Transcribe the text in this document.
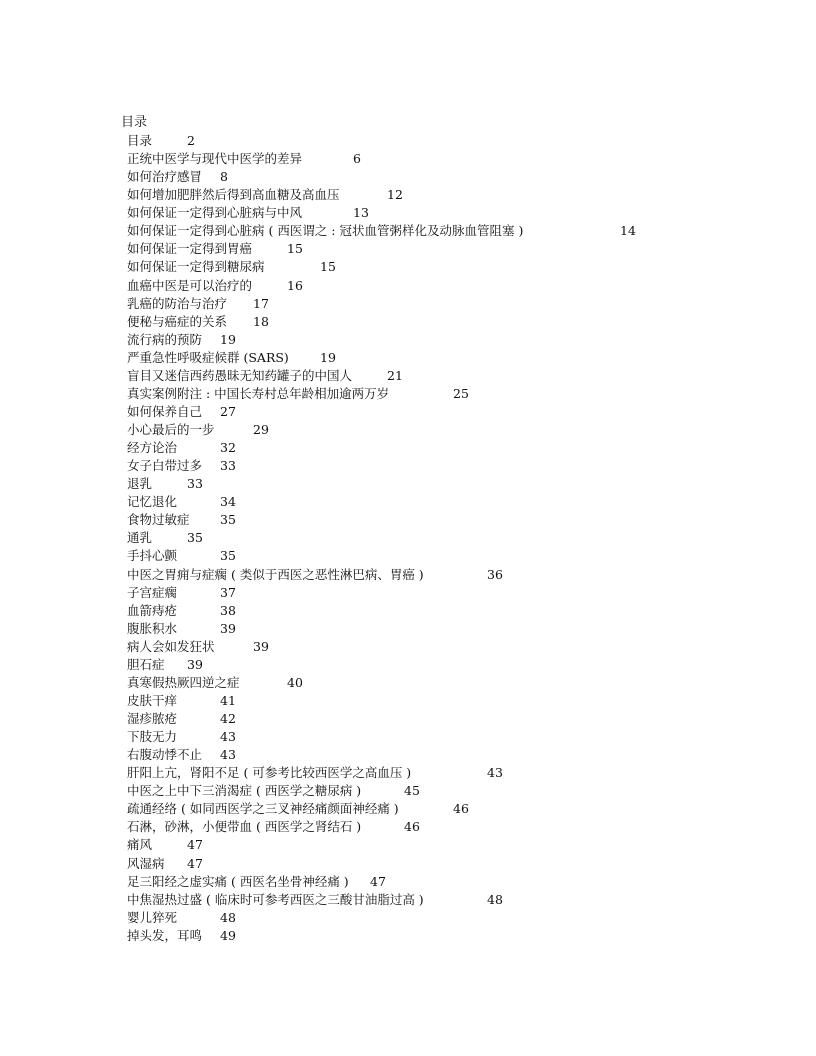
目录
目录	2
正统中医学与现代中医学的差异	6
如何治疗感冒 8
如何增加肥胖然后得到高血糖及高血压	12
如何保证一定得到心脏病与中风	13
如何保证一定得到心脏病 ( 西医谓之 : 冠状血管粥样化及动脉血管阻塞 )	14
如何保证一定得到胃癌	15
如何保证一定得到糖尿病	15
血癌中医是可以治疗的	16
乳癌的防治与治疗 17
便秘与癌症的关系 18
流行病的预防 19
严重急性呼吸症候群 (SARS) 19
盲目又迷信西药愚昧无知药罐子的中国人	21
真实案例附注 : 中国长寿村总年龄相加逾两万岁	25
如何保养自己 27
小心最后的一步	29
经方论治	32
女子白带过多 33
退乳	33
记忆退化	34
食物过敏症 35
通乳	35
手抖心颤	35
中医之胃痈与症瘸 ( 类似于西医之恶性淋巴病、胃癌 )	36
子宫症瘸	37
血箭痔疮	38
腹胀积水	39
病人会如发狂状	39
胆石症 39
真寒假热厥四逆之症	40
皮肤干痒	41
湿疹脓疮	42
下肢无力	43
右腹动悸不止 43
肝阳上亢，肾阳不足 ( 可参考比较西医学之高血压 )	43
中医之上中下三消渴症 ( 西医学之糖尿病 )	45
疏通经络 ( 如同西医学之三叉神经痛颜面神经痛 )	46
石淋，砂淋，小便带血 ( 西医学之肾结石 )	46
痛风	47
风湿病 47
足三阳经之虚实痛 ( 西医名坐骨神经痛 ) 47
中焦湿热过盛 ( 临床时可参考西医之三酸甘油脂过高 )	48
婴儿猝死	48
掉头发，耳鸣 49
